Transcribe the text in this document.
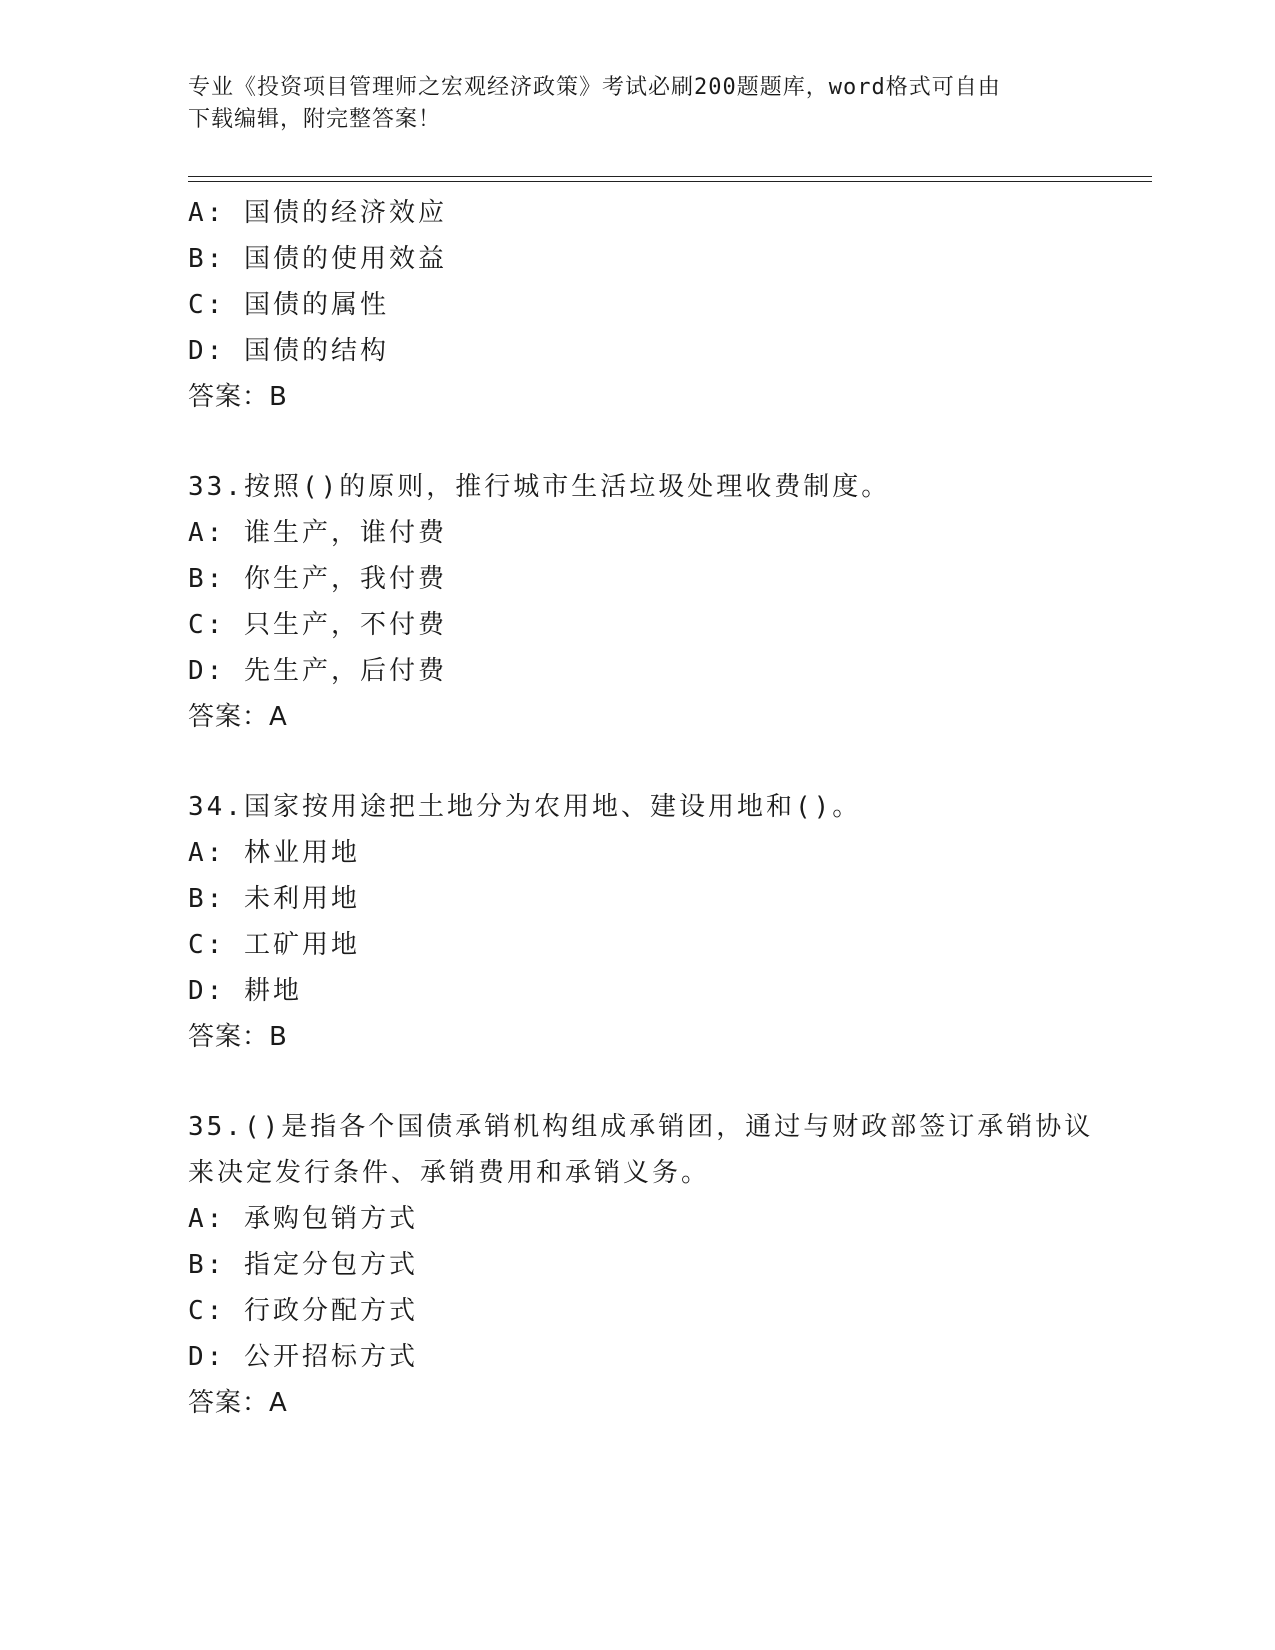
专业《投资项目管理师之宏观经济政策》考试必刷200题题库，word格式可自由
下载编辑，附完整答案！
A: 国债的经济效应
B: 国债的使用效益
C: 国债的属性
D: 国债的结构
答案：B
33.按照()的原则，推行城市生活垃圾处理收费制度。
A: 谁生产，谁付费
B: 你生产，我付费
C: 只生产，不付费
D: 先生产，后付费
答案：A
34.国家按用途把土地分为农用地、建设用地和()。
A: 林业用地
B: 未利用地
C: 工矿用地
D: 耕地
答案：B
35.()是指各个国债承销机构组成承销团，通过与财政部签订承销协议
来决定发行条件、承销费用和承销义务。
A: 承购包销方式
B: 指定分包方式
C: 行政分配方式
D: 公开招标方式
答案：A
